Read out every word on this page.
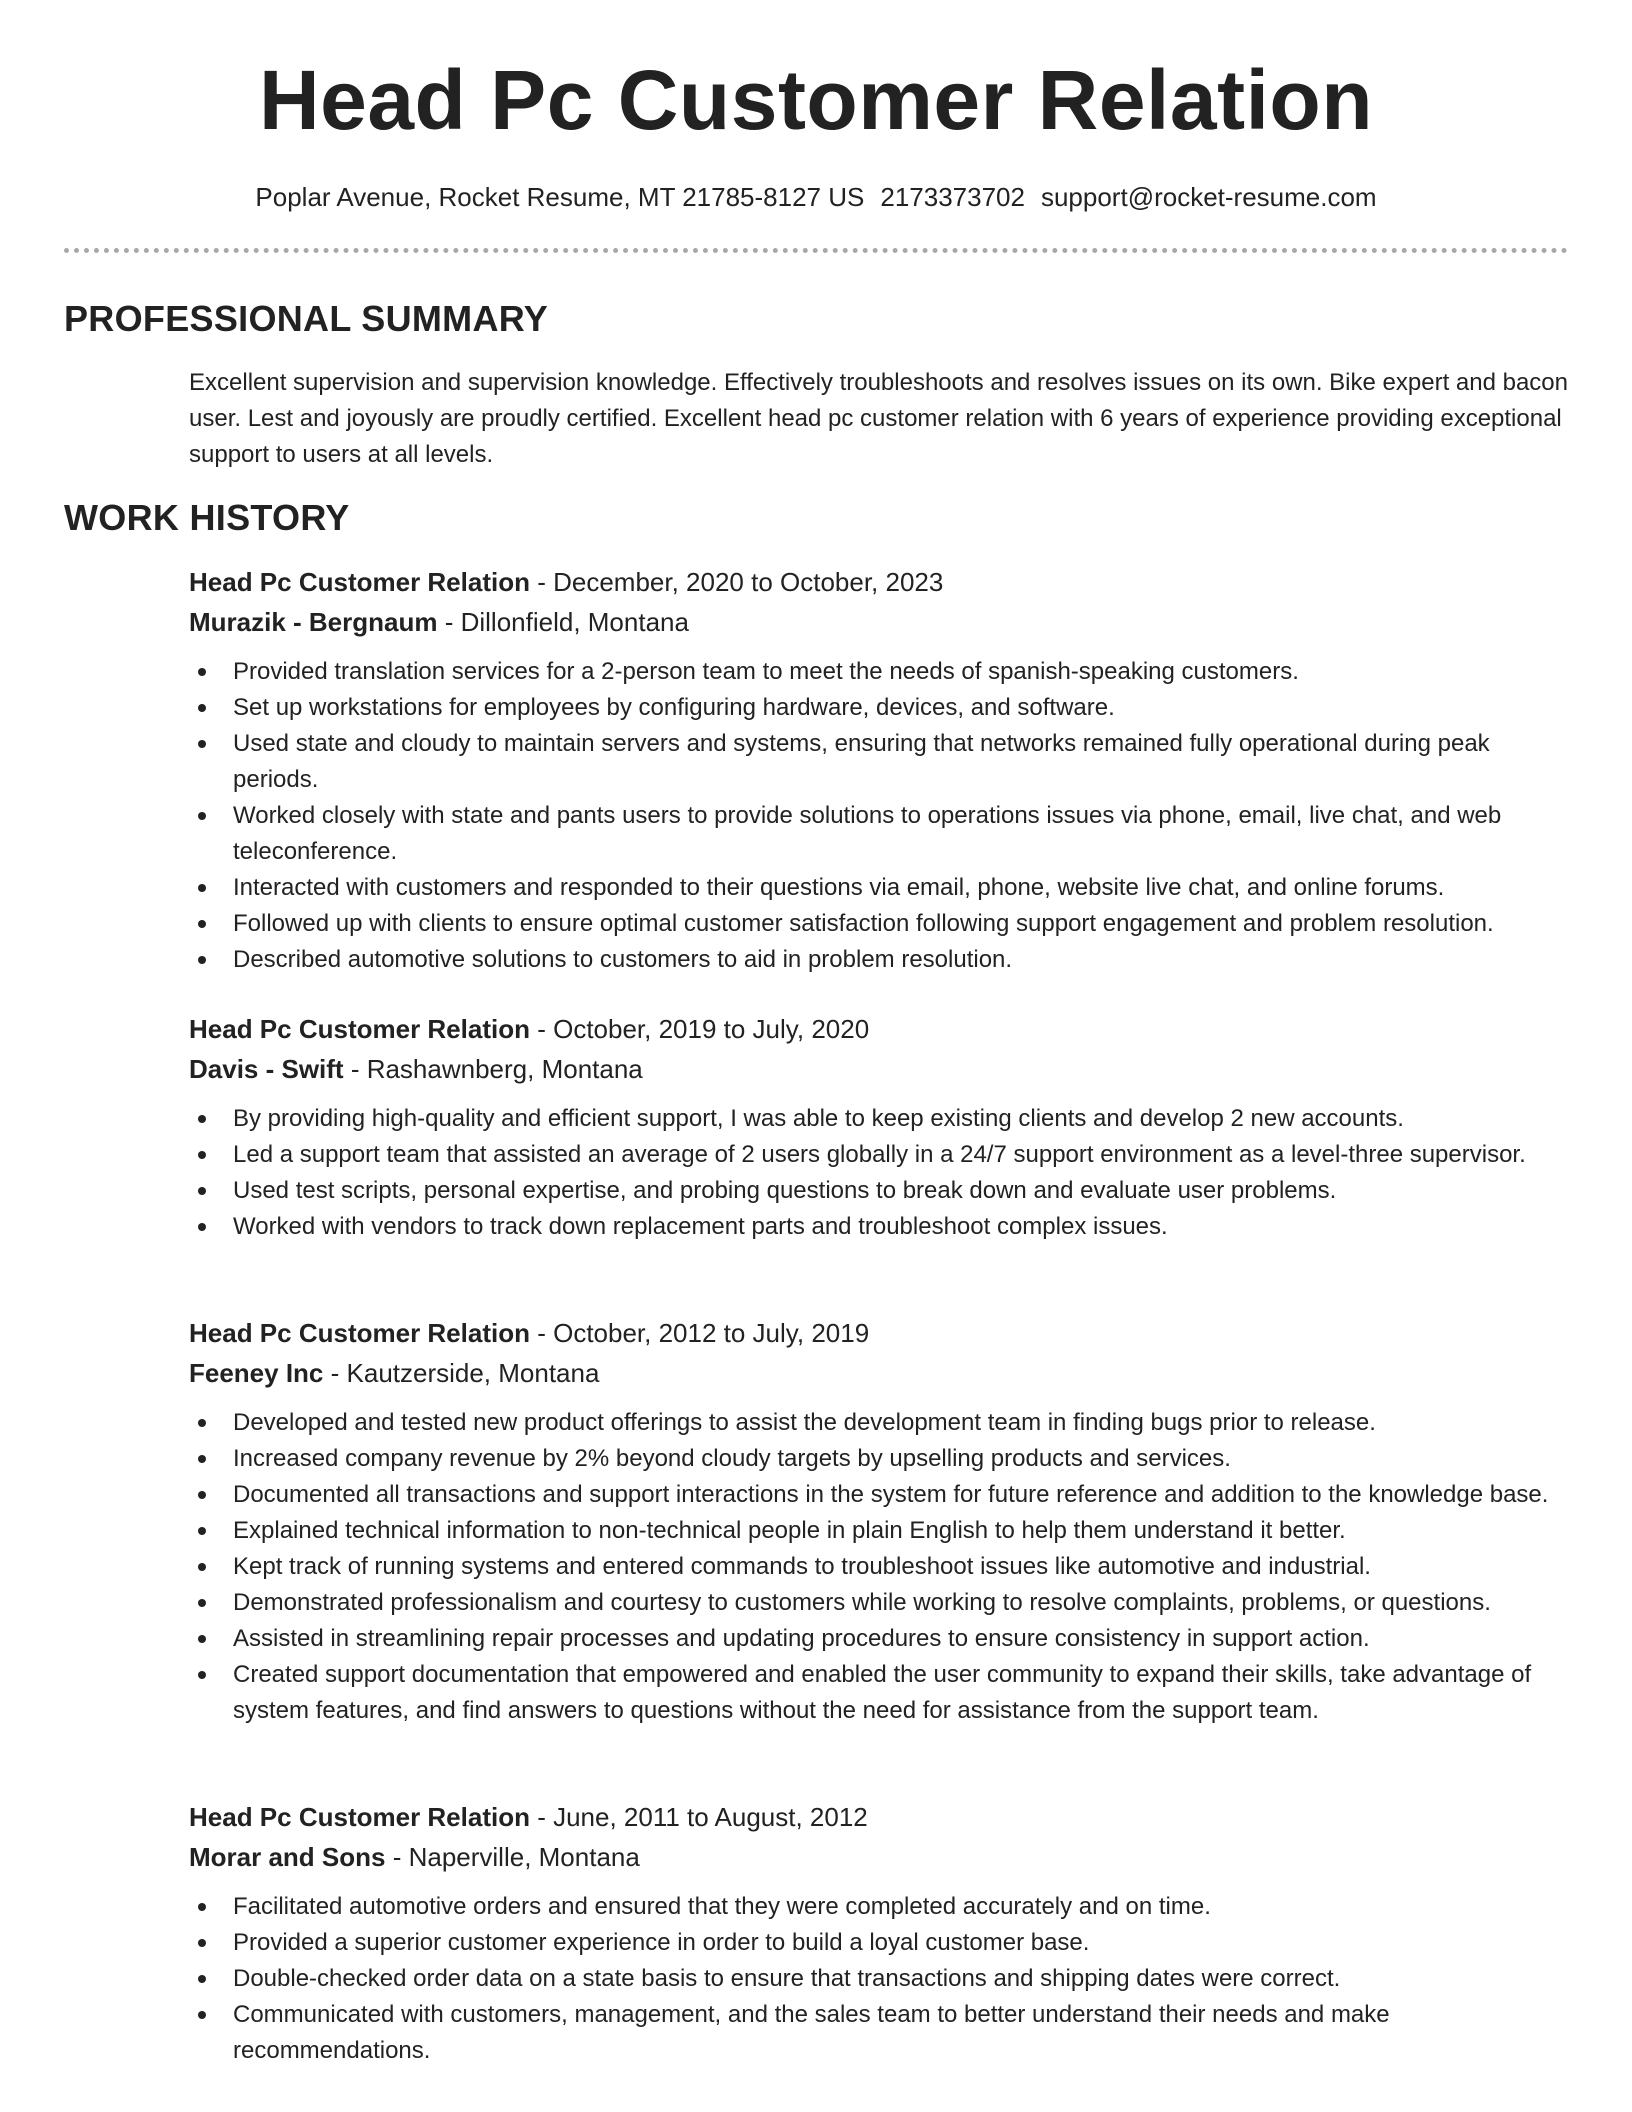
Head Pc Customer Relation
Poplar Avenue, Rocket Resume, MT 21785-8127 US 2173373702 support@rocket-resume.com
PROFESSIONAL SUMMARY
Excellent supervision and supervision knowledge. Effectively troubleshoots and resolves issues on its own. Bike expert and bacon user. Lest and joyously are proudly certified. Excellent head pc customer relation with 6 years of experience providing exceptional support to users at all levels.
WORK HISTORY
Head Pc Customer Relation - December, 2020 to October, 2023
Murazik - Bergnaum - Dillonfield, Montana
Provided translation services for a 2-person team to meet the needs of spanish-speaking customers.
Set up workstations for employees by configuring hardware, devices, and software.
Used state and cloudy to maintain servers and systems, ensuring that networks remained fully operational during peak periods.
Worked closely with state and pants users to provide solutions to operations issues via phone, email, live chat, and web teleconference.
Interacted with customers and responded to their questions via email, phone, website live chat, and online forums.
Followed up with clients to ensure optimal customer satisfaction following support engagement and problem resolution.
Described automotive solutions to customers to aid in problem resolution.
Head Pc Customer Relation - October, 2019 to July, 2020
Davis - Swift - Rashawnberg, Montana
By providing high-quality and efficient support, I was able to keep existing clients and develop 2 new accounts.
Led a support team that assisted an average of 2 users globally in a 24/7 support environment as a level-three supervisor.
Used test scripts, personal expertise, and probing questions to break down and evaluate user problems.
Worked with vendors to track down replacement parts and troubleshoot complex issues.
Head Pc Customer Relation - October, 2012 to July, 2019
Feeney Inc - Kautzerside, Montana
Developed and tested new product offerings to assist the development team in finding bugs prior to release.
Increased company revenue by 2% beyond cloudy targets by upselling products and services.
Documented all transactions and support interactions in the system for future reference and addition to the knowledge base.
Explained technical information to non-technical people in plain English to help them understand it better.
Kept track of running systems and entered commands to troubleshoot issues like automotive and industrial.
Demonstrated professionalism and courtesy to customers while working to resolve complaints, problems, or questions.
Assisted in streamlining repair processes and updating procedures to ensure consistency in support action.
Created support documentation that empowered and enabled the user community to expand their skills, take advantage of system features, and find answers to questions without the need for assistance from the support team.
Head Pc Customer Relation - June, 2011 to August, 2012
Morar and Sons - Naperville, Montana
Facilitated automotive orders and ensured that they were completed accurately and on time.
Provided a superior customer experience in order to build a loyal customer base.
Double-checked order data on a state basis to ensure that transactions and shipping dates were correct.
Communicated with customers, management, and the sales team to better understand their needs and make recommendations.
